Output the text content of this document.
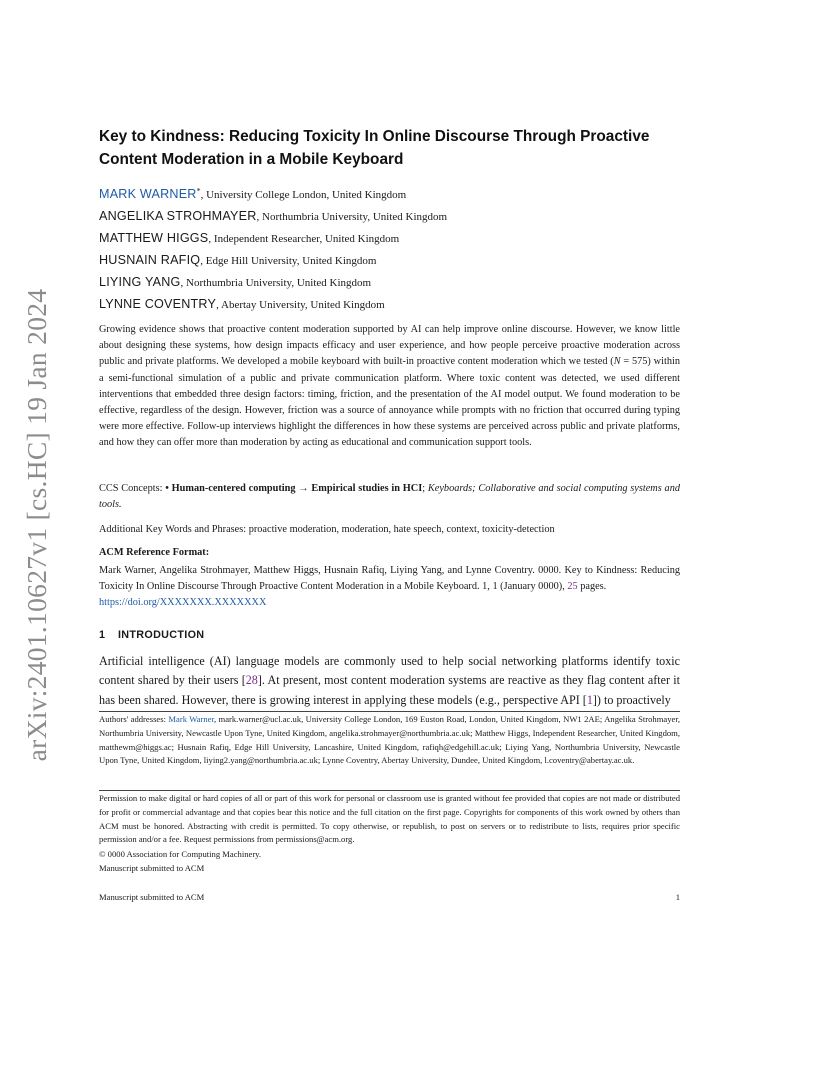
arXiv:2401.10627v1 [cs.HC] 19 Jan 2024
Key to Kindness: Reducing Toxicity In Online Discourse Through Proactive Content Moderation in a Mobile Keyboard
MARK WARNER*, University College London, United Kingdom
ANGELIKA STROHMAYER, Northumbria University, United Kingdom
MATTHEW HIGGS, Independent Researcher, United Kingdom
HUSNAIN RAFIQ, Edge Hill University, United Kingdom
LIYING YANG, Northumbria University, United Kingdom
LYNNE COVENTRY, Abertay University, United Kingdom
Growing evidence shows that proactive content moderation supported by AI can help improve online discourse. However, we know little about designing these systems, how design impacts efficacy and user experience, and how people perceive proactive moderation across public and private platforms. We developed a mobile keyboard with built-in proactive content moderation which we tested (N = 575) within a semi-functional simulation of a public and private communication platform. Where toxic content was detected, we used different interventions that embedded three design factors: timing, friction, and the presentation of the AI model output. We found moderation to be effective, regardless of the design. However, friction was a source of annoyance while prompts with no friction that occurred during typing were more effective. Follow-up interviews highlight the differences in how these systems are perceived across public and private platforms, and how they can offer more than moderation by acting as educational and communication support tools.
CCS Concepts: • Human-centered computing → Empirical studies in HCI; Keyboards; Collaborative and social computing systems and tools.
Additional Key Words and Phrases: proactive moderation, moderation, hate speech, context, toxicity-detection
ACM Reference Format:
Mark Warner, Angelika Strohmayer, Matthew Higgs, Husnain Rafiq, Liying Yang, and Lynne Coventry. 0000. Key to Kindness: Reducing Toxicity In Online Discourse Through Proactive Content Moderation in a Mobile Keyboard. 1, 1 (January 0000), 25 pages.
https://doi.org/XXXXXXX.XXXXXXX
1 INTRODUCTION
Artificial intelligence (AI) language models are commonly used to help social networking platforms identify toxic content shared by their users [28]. At present, most content moderation systems are reactive as they flag content after it has been shared. However, there is growing interest in applying these models (e.g., perspective API [1]) to proactively
Authors' addresses: Mark Warner, mark.warner@ucl.ac.uk, University College London, 169 Euston Road, London, United Kingdom, NW1 2AE; Angelika Strohmayer, Northumbria University, Newcastle Upon Tyne, United Kingdom, angelika.strohmayer@northumbria.ac.uk; Matthew Higgs, Independent Researcher, United Kingdom, matthewm@higgs.ac; Husnain Rafiq, Edge Hill University, Lancashire, United Kingdom, rafiqh@edgehill.ac.uk; Liying Yang, Northumbria University, Newcastle Upon Tyne, United Kingdom, liying2.yang@northumbria.ac.uk; Lynne Coventry, Abertay University, Dundee, United Kingdom, l.coventry@abertay.ac.uk.
Permission to make digital or hard copies of all or part of this work for personal or classroom use is granted without fee provided that copies are not made or distributed for profit or commercial advantage and that copies bear this notice and the full citation on the first page. Copyrights for components of this work owned by others than ACM must be honored. Abstracting with credit is permitted. To copy otherwise, or republish, to post on servers or to redistribute to lists, requires prior specific permission and/or a fee. Request permissions from permissions@acm.org.
© 0000 Association for Computing Machinery.
Manuscript submitted to ACM
Manuscript submitted to ACM	1
